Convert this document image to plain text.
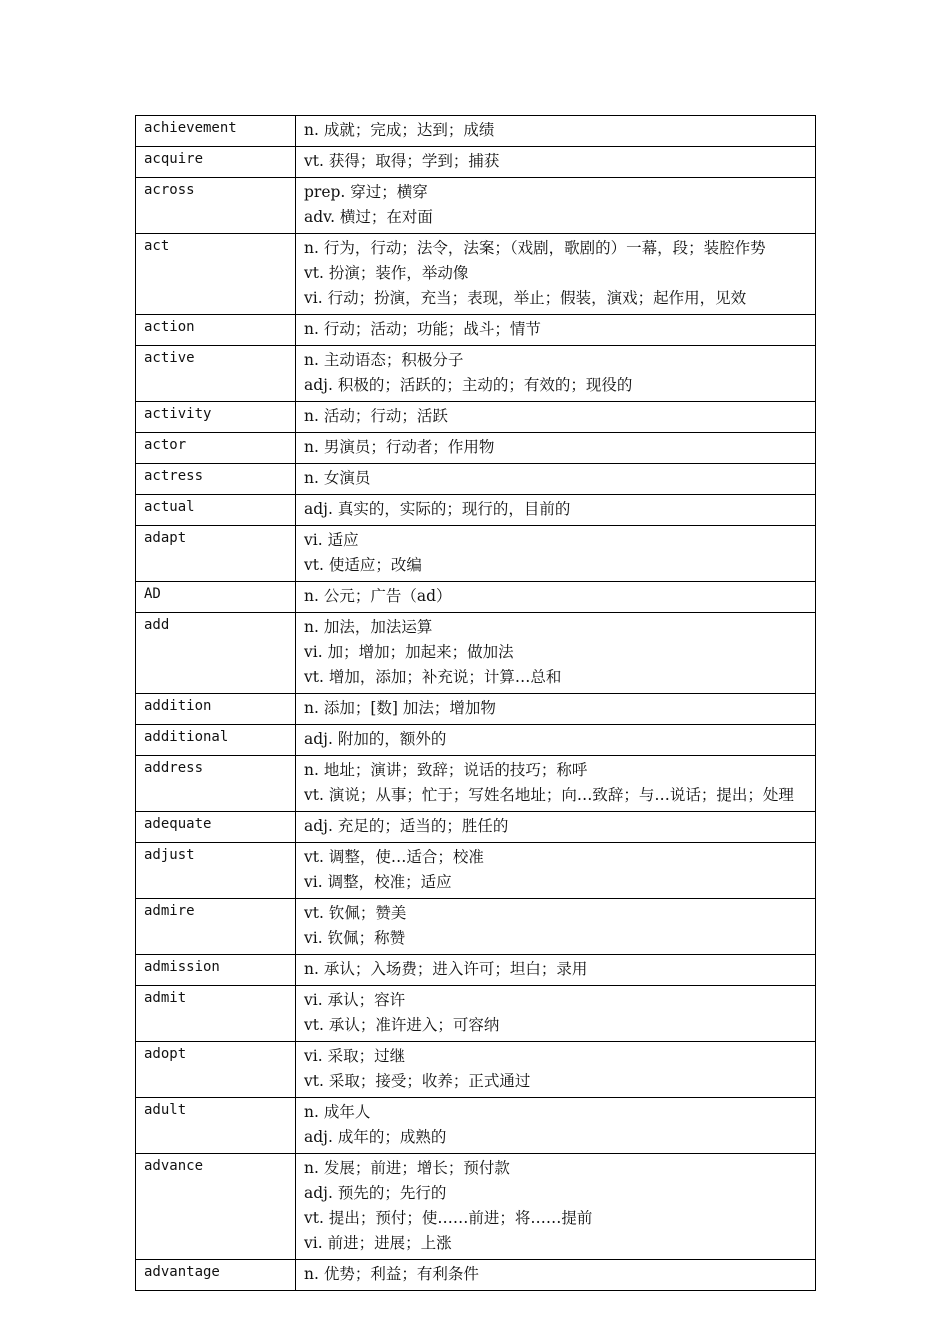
achievement	n. 成就；完成；达到；成绩

acquire	vt. 获得；取得；学到；捕获

across	prep. 穿过；横穿
adv. 横过；在对面

act	n. 行为，行动；法令，法案；（戏剧，歌剧的）一幕，段；装腔作势
vt. 扮演；装作，举动像
vi. 行动；扮演，充当；表现，举止；假装，演戏；起作用，见效

action	n. 行动；活动；功能；战斗；情节

active	n. 主动语态；积极分子
adj. 积极的；活跃的；主动的；有效的；现役的

activity	n. 活动；行动；活跃

actor	n. 男演员；行动者；作用物

actress	n. 女演员

actual	adj. 真实的，实际的；现行的，目前的

adapt	vi. 适应
vt. 使适应；改编

AD	n. 公元；广告（ad）

add	n. 加法，加法运算
vi. 加；增加；加起来；做加法
vt. 增加，添加；补充说；计算…总和

addition	n. 添加；[数] 加法；增加物

additional	adj. 附加的，额外的

address	n. 地址；演讲；致辞；说话的技巧；称呼
vt. 演说；从事；忙于；写姓名地址；向…致辞；与…说话；提出；处理

adequate	adj. 充足的；适当的；胜任的

adjust	vt. 调整，使…适合；校准
vi. 调整，校准；适应

admire	vt. 钦佩；赞美
vi. 钦佩；称赞

admission	n. 承认；入场费；进入许可；坦白；录用

admit	vi. 承认；容许
vt. 承认；准许进入；可容纳

adopt	vi. 采取；过继
vt. 采取；接受；收养；正式通过

adult	n. 成年人
adj. 成年的；成熟的

advance	n. 发展；前进；增长；预付款
adj. 预先的；先行的
vt. 提出；预付；使……前进；将……提前
vi. 前进；进展；上涨

advantage	n. 优势；利益；有利条件
